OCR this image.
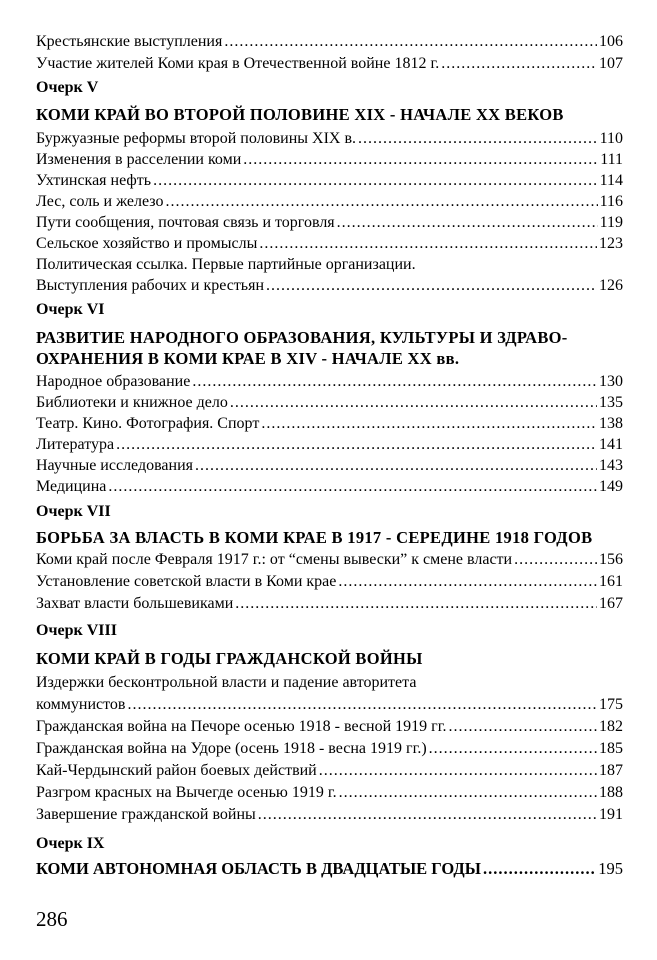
Крестьянские выступления .....	106
Участие жителей Коми края в Отечественной войне 1812 г. .....	107
Очерк V
КОМИ КРАЙ ВО ВТОРОЙ ПОЛОВИНЕ XIX - НАЧАЛЕ XX ВЕКОВ
Буржуазные реформы второй половины XIX в. .....	110
Изменения в расселении коми .....	111
Ухтинская нефть .....	114
Лес, соль и железо .....	116
Пути сообщения, почтовая связь и торговля .....	119
Сельское хозяйство и промыслы .....	123
Политическая ссылка. Первые партийные организации.
Выступления рабочих и крестьян .....	126
Очерк VI
РАЗВИТИЕ НАРОДНОГО ОБРАЗОВАНИЯ, КУЛЬТУРЫ И ЗДРАВО-
ОХРАНЕНИЯ В КОМИ КРАЕ В XIV - НАЧАЛЕ XX вв.
Народное образование .....	130
Библиотеки и книжное дело .....	135
Театр. Кино. Фотография. Спорт .....	138
Литература .....	141
Научные исследования .....	143
Медицина .....	149
Очерк VII
БОРЬБА ЗА ВЛАСТЬ В КОМИ КРАЕ В 1917 - СЕРЕДИНЕ 1918 ГОДОВ
Коми край после Февраля 1917 г.: от “смены вывески” к смене власти .....	156
Установление советской власти в Коми крае .....	161
Захват власти большевиками .....	167
Очерк VIII
КОМИ КРАЙ В ГОДЫ ГРАЖДАНСКОЙ ВОЙНЫ
Издержки бесконтрольной власти и падение авторитета
коммунистов .....	175
Гражданская война на Печоре осенью 1918 - весной 1919 гг. .....	182
Гражданская война на Удоре (осень 1918 - весна 1919 гг.) .....	185
Кай-Чердынский район боевых действий .....	187
Разгром красных на Вычегде осенью 1919 г. .....	188
Завершение гражданской войны .....	191
Очерк IX
КОМИ АВТОНОМНАЯ ОБЛАСТЬ В ДВАДЦАТЫЕ ГОДЫ .....	195
286
